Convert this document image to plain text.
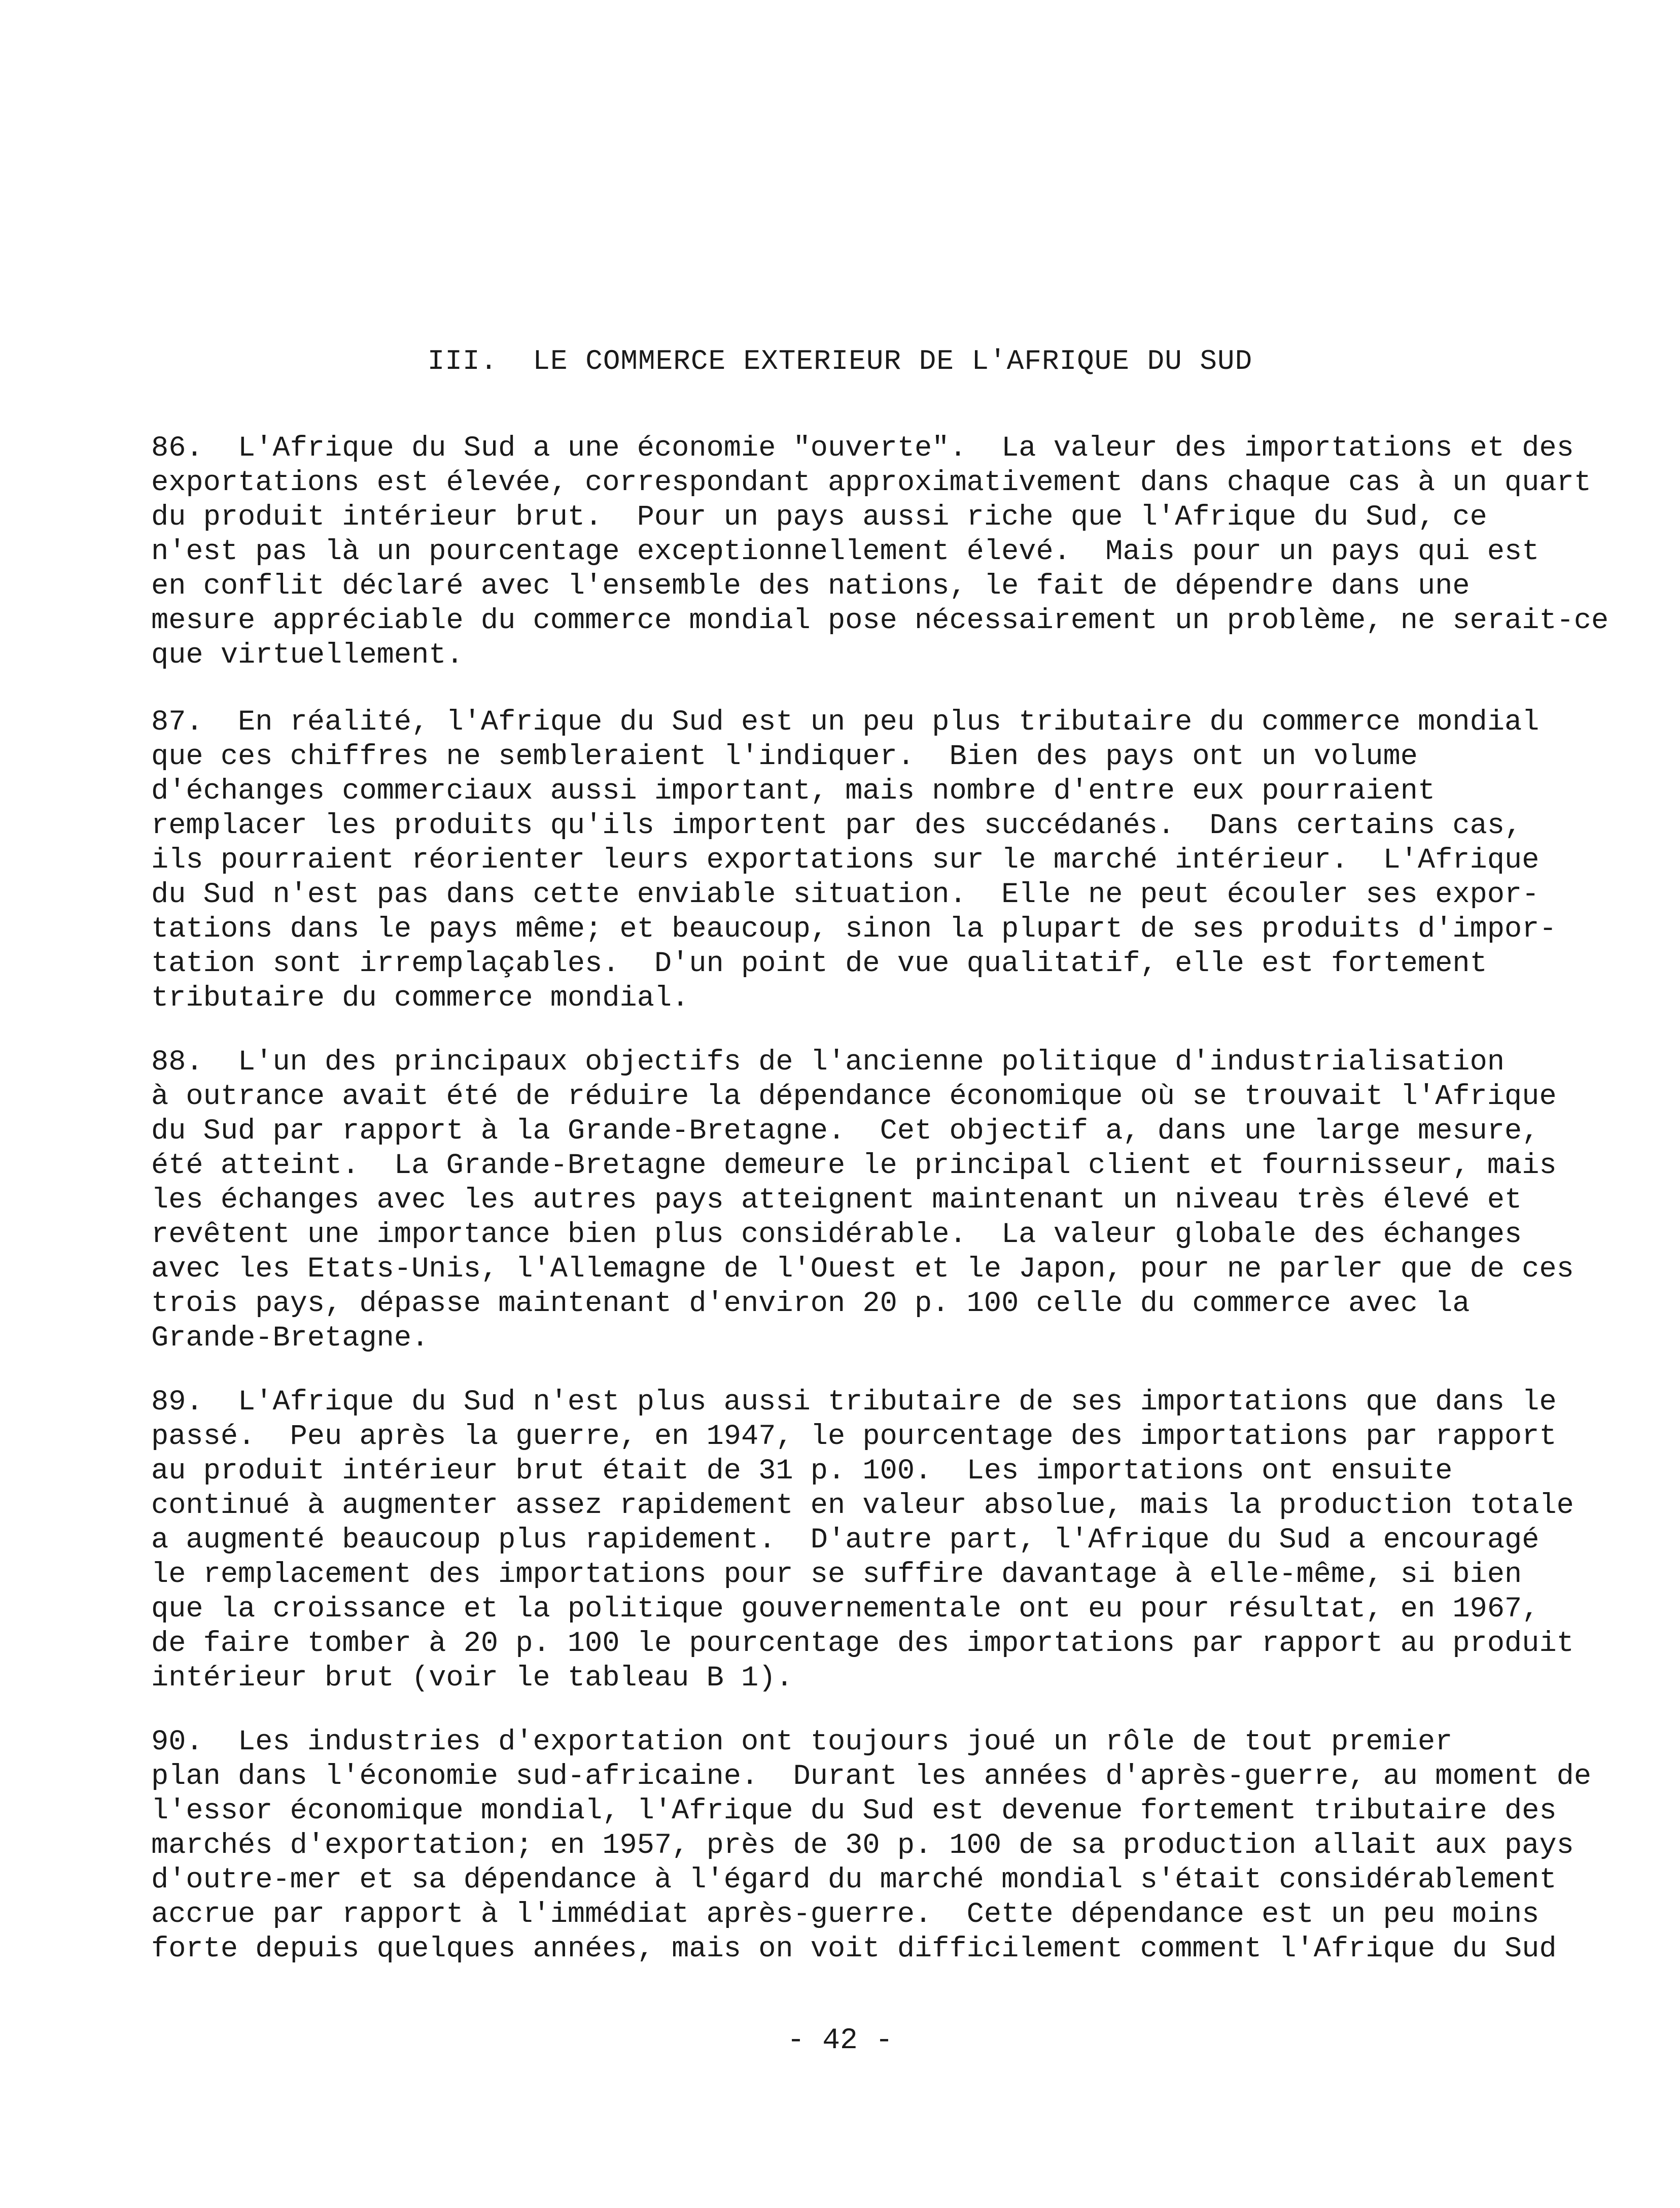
III.  LE COMMERCE EXTERIEUR DE L'AFRIQUE DU SUD
86.  L'Afrique du Sud a une économie "ouverte".  La valeur des importations et des
exportations est élevée, correspondant approximativement dans chaque cas à un quart
du produit intérieur brut.  Pour un pays aussi riche que l'Afrique du Sud, ce
n'est pas là un pourcentage exceptionnellement élevé.  Mais pour un pays qui est
en conflit déclaré avec l'ensemble des nations, le fait de dépendre dans une
mesure appréciable du commerce mondial pose nécessairement un problème, ne serait-ce
que virtuellement.
87.  En réalité, l'Afrique du Sud est un peu plus tributaire du commerce mondial
que ces chiffres ne sembleraient l'indiquer.  Bien des pays ont un volume
d'échanges commerciaux aussi important, mais nombre d'entre eux pourraient
remplacer les produits qu'ils importent par des succédanés.  Dans certains cas,
ils pourraient réorienter leurs exportations sur le marché intérieur.  L'Afrique
du Sud n'est pas dans cette enviable situation.  Elle ne peut écouler ses expor-
tations dans le pays même; et beaucoup, sinon la plupart de ses produits d'impor-
tation sont irremplaçables.  D'un point de vue qualitatif, elle est fortement
tributaire du commerce mondial.
88.  L'un des principaux objectifs de l'ancienne politique d'industrialisation
à outrance avait été de réduire la dépendance économique où se trouvait l'Afrique
du Sud par rapport à la Grande-Bretagne.  Cet objectif a, dans une large mesure,
été atteint.  La Grande-Bretagne demeure le principal client et fournisseur, mais
les échanges avec les autres pays atteignent maintenant un niveau très élevé et
revêtent une importance bien plus considérable.  La valeur globale des échanges
avec les Etats-Unis, l'Allemagne de l'Ouest et le Japon, pour ne parler que de ces
trois pays, dépasse maintenant d'environ 20 p. 100 celle du commerce avec la
Grande-Bretagne.
89.  L'Afrique du Sud n'est plus aussi tributaire de ses importations que dans le
passé.  Peu après la guerre, en 1947, le pourcentage des importations par rapport
au produit intérieur brut était de 31 p. 100.  Les importations ont ensuite
continué à augmenter assez rapidement en valeur absolue, mais la production totale
a augmenté beaucoup plus rapidement.  D'autre part, l'Afrique du Sud a encouragé
le remplacement des importations pour se suffire davantage à elle-même, si bien
que la croissance et la politique gouvernementale ont eu pour résultat, en 1967,
de faire tomber à 20 p. 100 le pourcentage des importations par rapport au produit
intérieur brut (voir le tableau B 1).
90.  Les industries d'exportation ont toujours joué un rôle de tout premier
plan dans l'économie sud-africaine.  Durant les années d'après-guerre, au moment de
l'essor économique mondial, l'Afrique du Sud est devenue fortement tributaire des
marchés d'exportation; en 1957, près de 30 p. 100 de sa production allait aux pays
d'outre-mer et sa dépendance à l'égard du marché mondial s'était considérablement
accrue par rapport à l'immédiat après-guerre.  Cette dépendance est un peu moins
forte depuis quelques années, mais on voit difficilement comment l'Afrique du Sud
- 42 -
